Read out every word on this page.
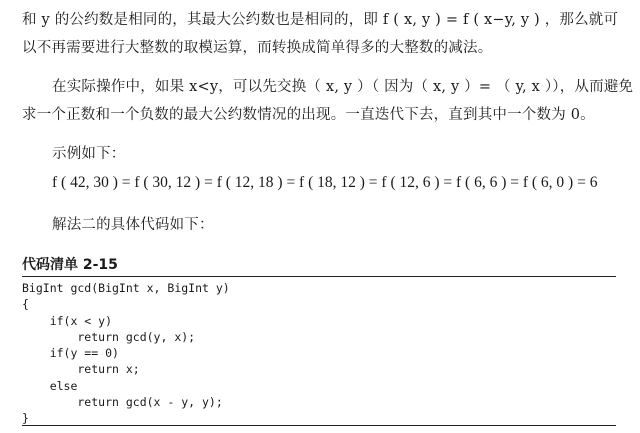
和 y 的公约数是相同的，其最大公约数也是相同的，即 f ( x, y ) = f ( x−y, y ) ，那么就可
以不再需要进行大整数的取模运算，而转换成简单得多的大整数的减法。
在实际操作中，如果 x<y，可以先交换（ x, y ）（ 因为（ x, y ）= （ y, x ）），从而避免
求一个正数和一个负数的最大公约数情况的出现。一直迭代下去，直到其中一个数为 0。
示例如下：
f ( 42, 30 ) = f ( 30, 12 ) = f ( 12, 18 ) = f ( 18, 12 ) = f ( 12, 6 ) = f ( 6, 6 ) = f ( 6, 0 ) = 6
解法二的具体代码如下：
代码清单 2-15
BigInt gcd(BigInt x, BigInt y)
{
if(x < y)
return gcd(y, x);
if(y == 0)
return x;
else
return gcd(x - y, y);
}
